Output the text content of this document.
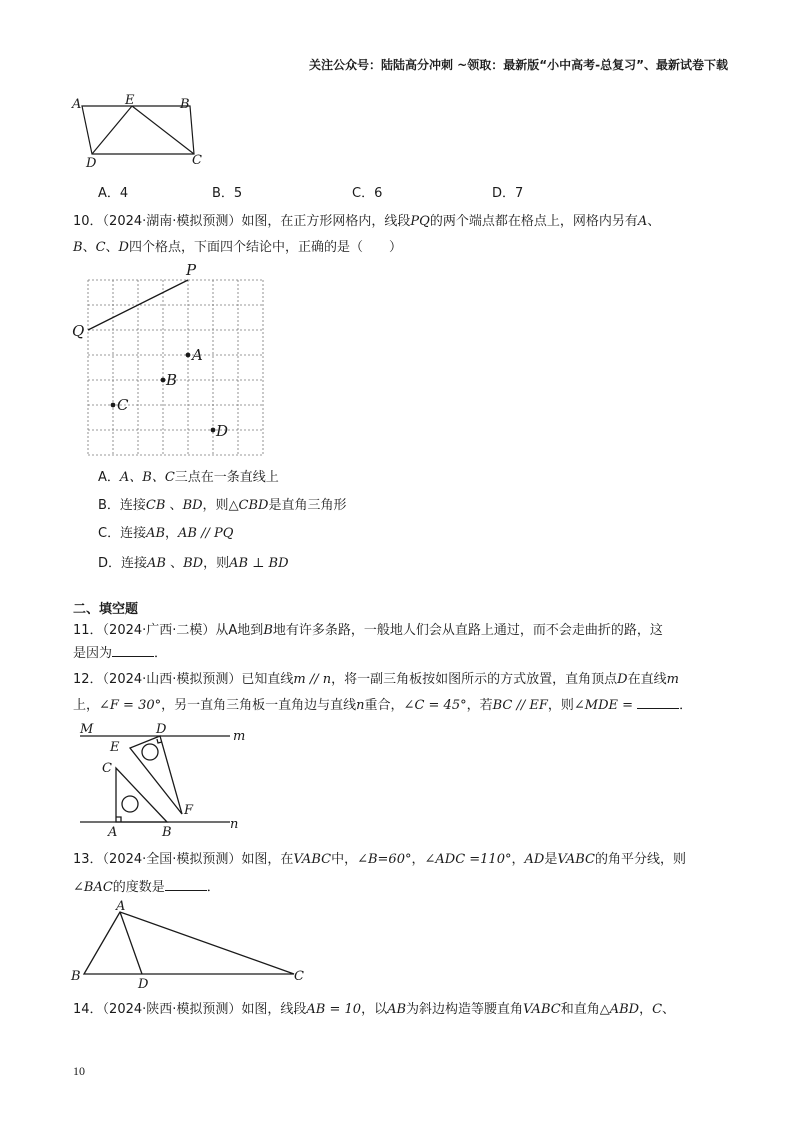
关注公众号：陆陆高分冲刺 ~领取：最新版“小中高考-总复习”、最新试卷下载
A	E	B
D	C
A．4	B．5	C．6	D．7
10．（2024·湖南·模拟预测）如图，在正方形网格内，线段PQ的两个端点都在格点上，网格内另有A、
B、C、D四个格点，下面四个结论中，正确的是（　　）
P
Q
A
B
C
D
A．A、B、C三点在一条直线上
B．连接CB 、BD，则△CBD是直角三角形
C．连接AB，AB // PQ
D．连接AB 、BD，则AB ⊥ BD
二、填空题
11．（2024·广西·二模）从A地到B地有许多条路，一般地人们会从直路上通过，而不会走曲折的路，这
是因为	．
12．（2024·山西·模拟预测）已知直线m // n，将一副三角板按如图所示的方式放置，直角顶点D在直线m
上，∠F = 30°，另一直角三角板一直角边与直线n重合，∠C = 45°，若BC // EF，则∠MDE =	．
M	D	m
E
C
F
A	B
n
13．（2024·全国·模拟预测）如图，在VABC中，∠B=60°，∠ADC =110°，AD是VABC的角平分线，则
∠BAC的度数是	．
A
B
D
C
14．（2024·陕西·模拟预测）如图，线段AB = 10，以AB为斜边构造等腰直角VABC和直角△ABD，C、
10
